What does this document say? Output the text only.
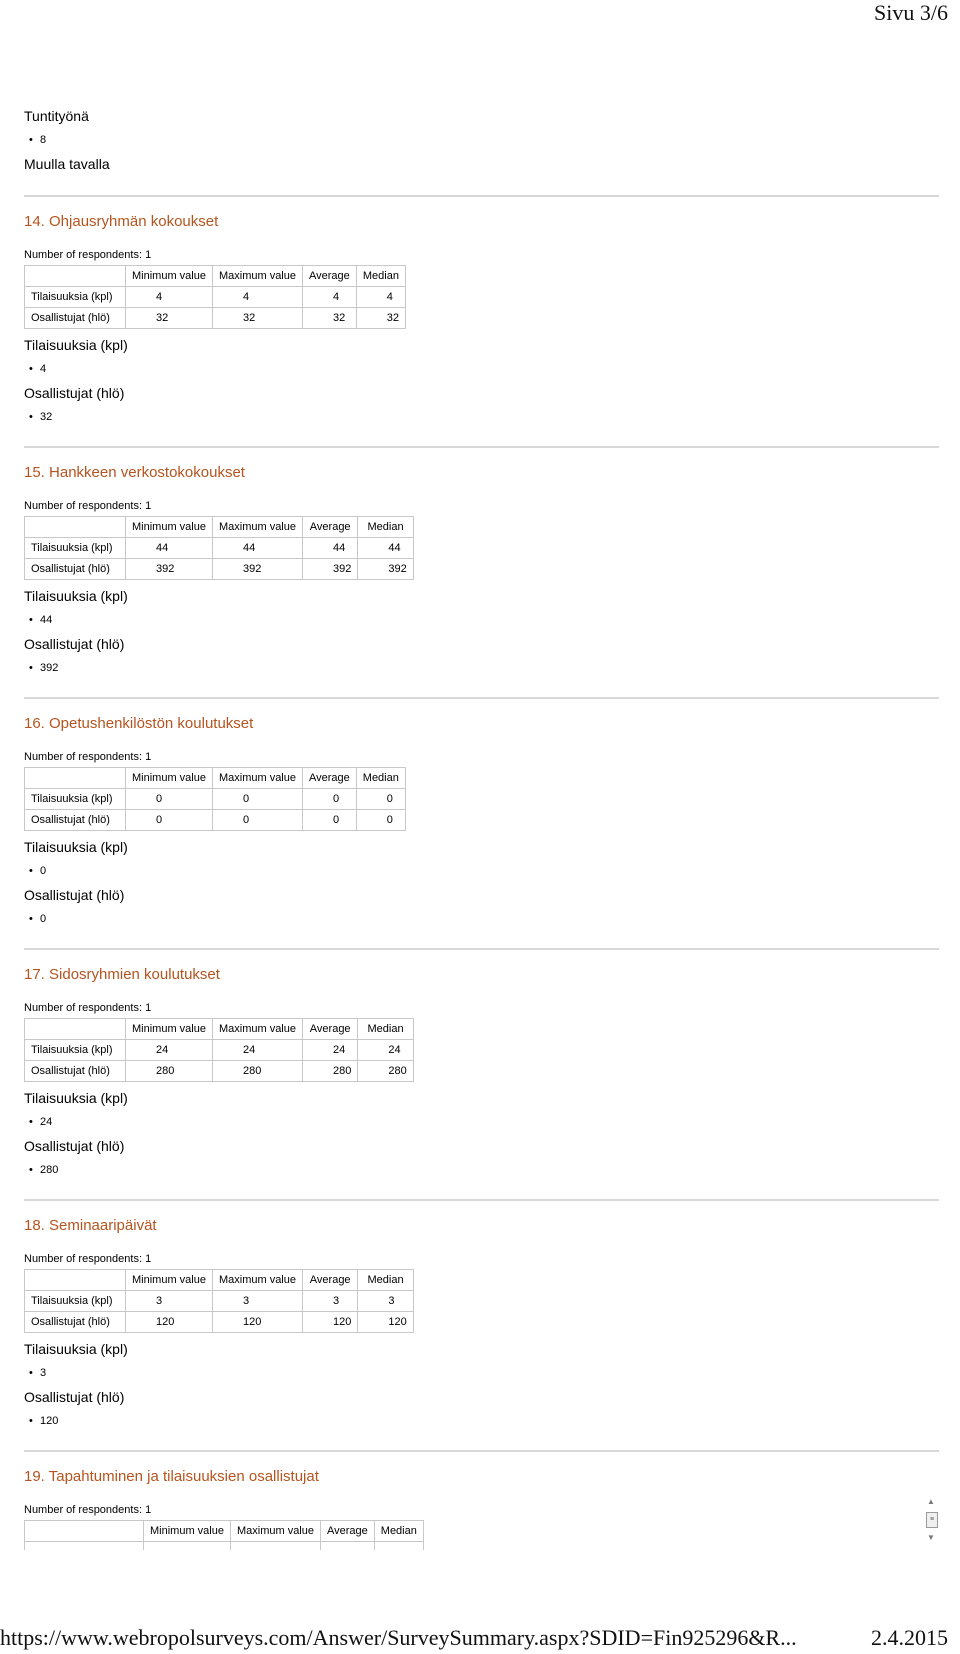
Sivu 3/6
Tuntityönä
• 8
Muulla tavalla
14. Ohjausryhmän kokoukset
Number of respondents: 1
	Minimum value	Maximum value	Average	Median
Tilaisuuksia (kpl)	4	4	4	4
Osallistujat (hlö)	32	32	32	32
Tilaisuuksia (kpl)
• 4
Osallistujat (hlö)
• 32
15. Hankkeen verkostokokoukset
Number of respondents: 1
	Minimum value	Maximum value	Average	Median
Tilaisuuksia (kpl)	44	44	44	44
Osallistujat (hlö)	392	392	392	392
Tilaisuuksia (kpl)
• 44
Osallistujat (hlö)
• 392
16. Opetushenkilöstön koulutukset
Number of respondents: 1
	Minimum value	Maximum value	Average	Median
Tilaisuuksia (kpl)	0	0	0	0
Osallistujat (hlö)	0	0	0	0
Tilaisuuksia (kpl)
• 0
Osallistujat (hlö)
• 0
17. Sidosryhmien koulutukset
Number of respondents: 1
	Minimum value	Maximum value	Average	Median
Tilaisuuksia (kpl)	24	24	24	24
Osallistujat (hlö)	280	280	280	280
Tilaisuuksia (kpl)
• 24
Osallistujat (hlö)
• 280
18. Seminaaripäivät
Number of respondents: 1
	Minimum value	Maximum value	Average	Median
Tilaisuuksia (kpl)	3	3	3	3
Osallistujat (hlö)	120	120	120	120
Tilaisuuksia (kpl)
• 3
Osallistujat (hlö)
• 120
19. Tapahtuminen ja tilaisuuksien osallistujat
Number of respondents: 1
	Minimum value	Maximum value	Average	Median

▲
≡
▼
https://www.webropolsurveys.com/Answer/SurveySummary.aspx?SDID=Fin925296&R...	2.4.2015
